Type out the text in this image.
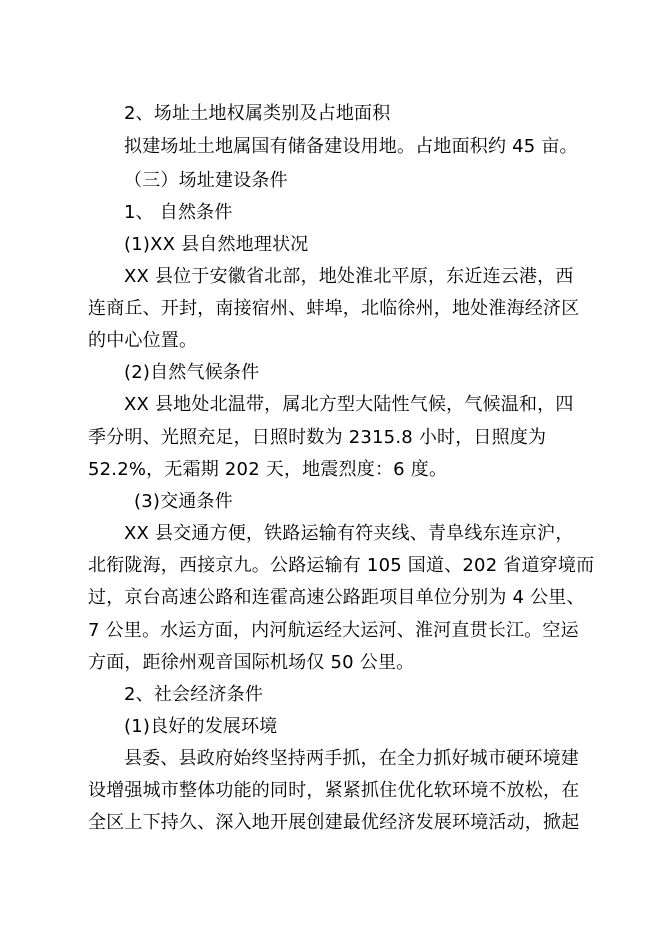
2、场址土地权属类别及占地面积
拟建场址土地属国有储备建设用地。占地面积约 45 亩。
（三）场址建设条件
1、 自然条件
(1)XX 县自然地理状况
XX 县位于安徽省北部，地处淮北平原，东近连云港，西
连商丘、开封，南接宿州、蚌埠，北临徐州，地处淮海经济区
的中心位置。
(2)自然气候条件
XX 县地处北温带，属北方型大陆性气候，气候温和，四
季分明、光照充足，日照时数为 2315.8 小时，日照度为
52.2%，无霜期 202 天，地震烈度：6 度。
(3)交通条件
XX 县交通方便，铁路运输有符夹线、青阜线东连京沪，
北衔陇海，西接京九。公路运输有 105 国道、202 省道穿境而
过，京台高速公路和连霍高速公路距项目单位分别为 4 公里、
7 公里。水运方面，内河航运经大运河、淮河直贯长江。空运
方面，距徐州观音国际机场仅 50 公里。
2、社会经济条件
(1)良好的发展环境
县委、县政府始终坚持两手抓，在全力抓好城市硬环境建
设增强城市整体功能的同时，紧紧抓住优化软环境不放松，在
全区上下持久、深入地开展创建最优经济发展环境活动，掀起
